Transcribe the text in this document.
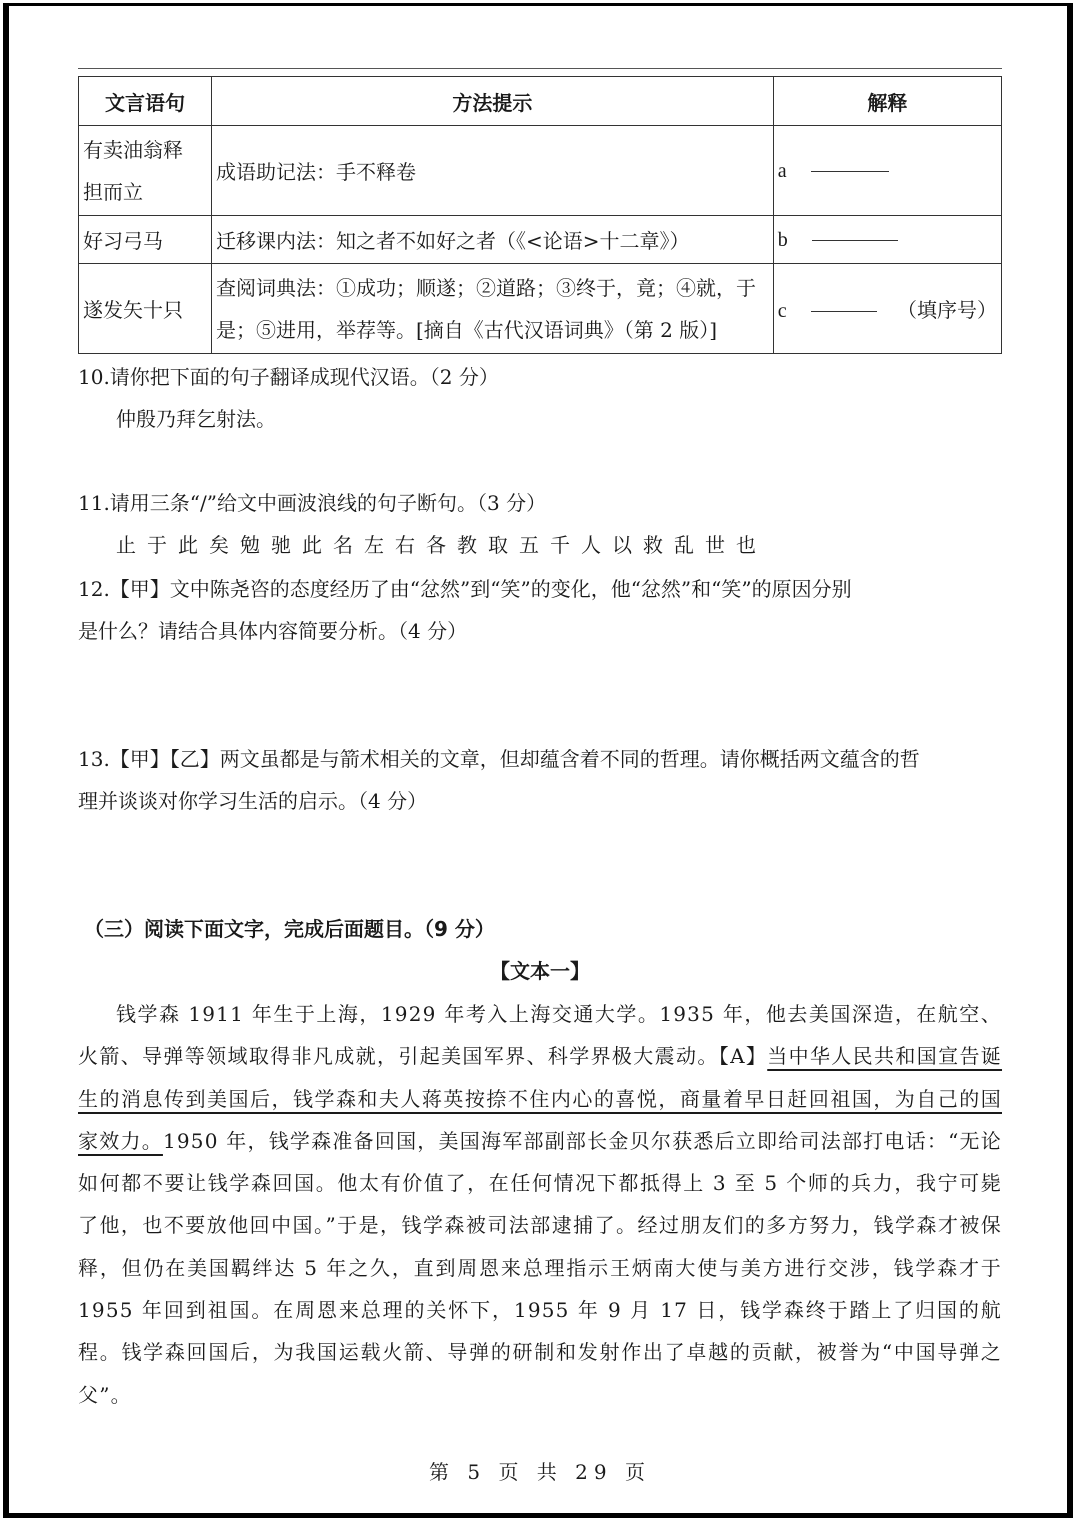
文言语句	方法提示	解释

有卖油翁释
担而立	成语助记法：手不释卷	a
好习弓马	迁移课内法：知之者不如好之者（《<论语>十二章》）	b
遂发矢十只	查阅词典法：①成功；顺遂；②道路；③终于，竟；④就，于
是；⑤进用，举荐等。[摘自《古代汉语词典》（第 2 版）]	c （填序号）
10.请你把下面的句子翻译成现代汉语。（2 分）
仲殷乃拜乞射法。
11.请用三条“/”给文中画波浪线的句子断句。（3 分）
止于此矣勉驰此名左右各教取五千人以救乱世也
12.【甲】文中陈尧咨的态度经历了由“忿然”到“笑”的变化，他“忿然”和“笑”的原因分别
是什么？请结合具体内容简要分析。（4 分）
13.【甲】【乙】两文虽都是与箭术相关的文章，但却蕴含着不同的哲理。请你概括两文蕴含的哲
理并谈谈对你学习生活的启示。（4 分）
（三）阅读下面文字，完成后面题目。（9 分）
【文本一】
钱学森 1911 年生于上海，1929 年考入上海交通大学。1935 年，他去美国深造，在航空、火箭、导弹等领域取得非凡成就，引起美国军界、科学界极大震动。【A】当中华人民共和国宣告诞生的消息传到美国后，钱学森和夫人蒋英按捺不住内心的喜悦，商量着早日赶回祖国，为自己的国家效力。1950 年，钱学森准备回国，美国海军部副部长金贝尔获悉后立即给司法部打电话：“无论如何都不要让钱学森回国。他太有价值了，在任何情况下都抵得上 3 至 5 个师的兵力，我宁可毙了他，也不要放他回中国。”于是，钱学森被司法部逮捕了。经过朋友们的多方努力，钱学森才被保释，但仍在美国羁绊达 5 年之久，直到周恩来总理指示王炳南大使与美方进行交涉，钱学森才于 1955 年回到祖国。在周恩来总理的关怀下，1955 年 9 月 17 日，钱学森终于踏上了归国的航程。钱学森回国后，为我国运载火箭、导弹的研制和发射作出了卓越的贡献，被誉为“中国导弹之父”。
第 5 页 共 29 页
